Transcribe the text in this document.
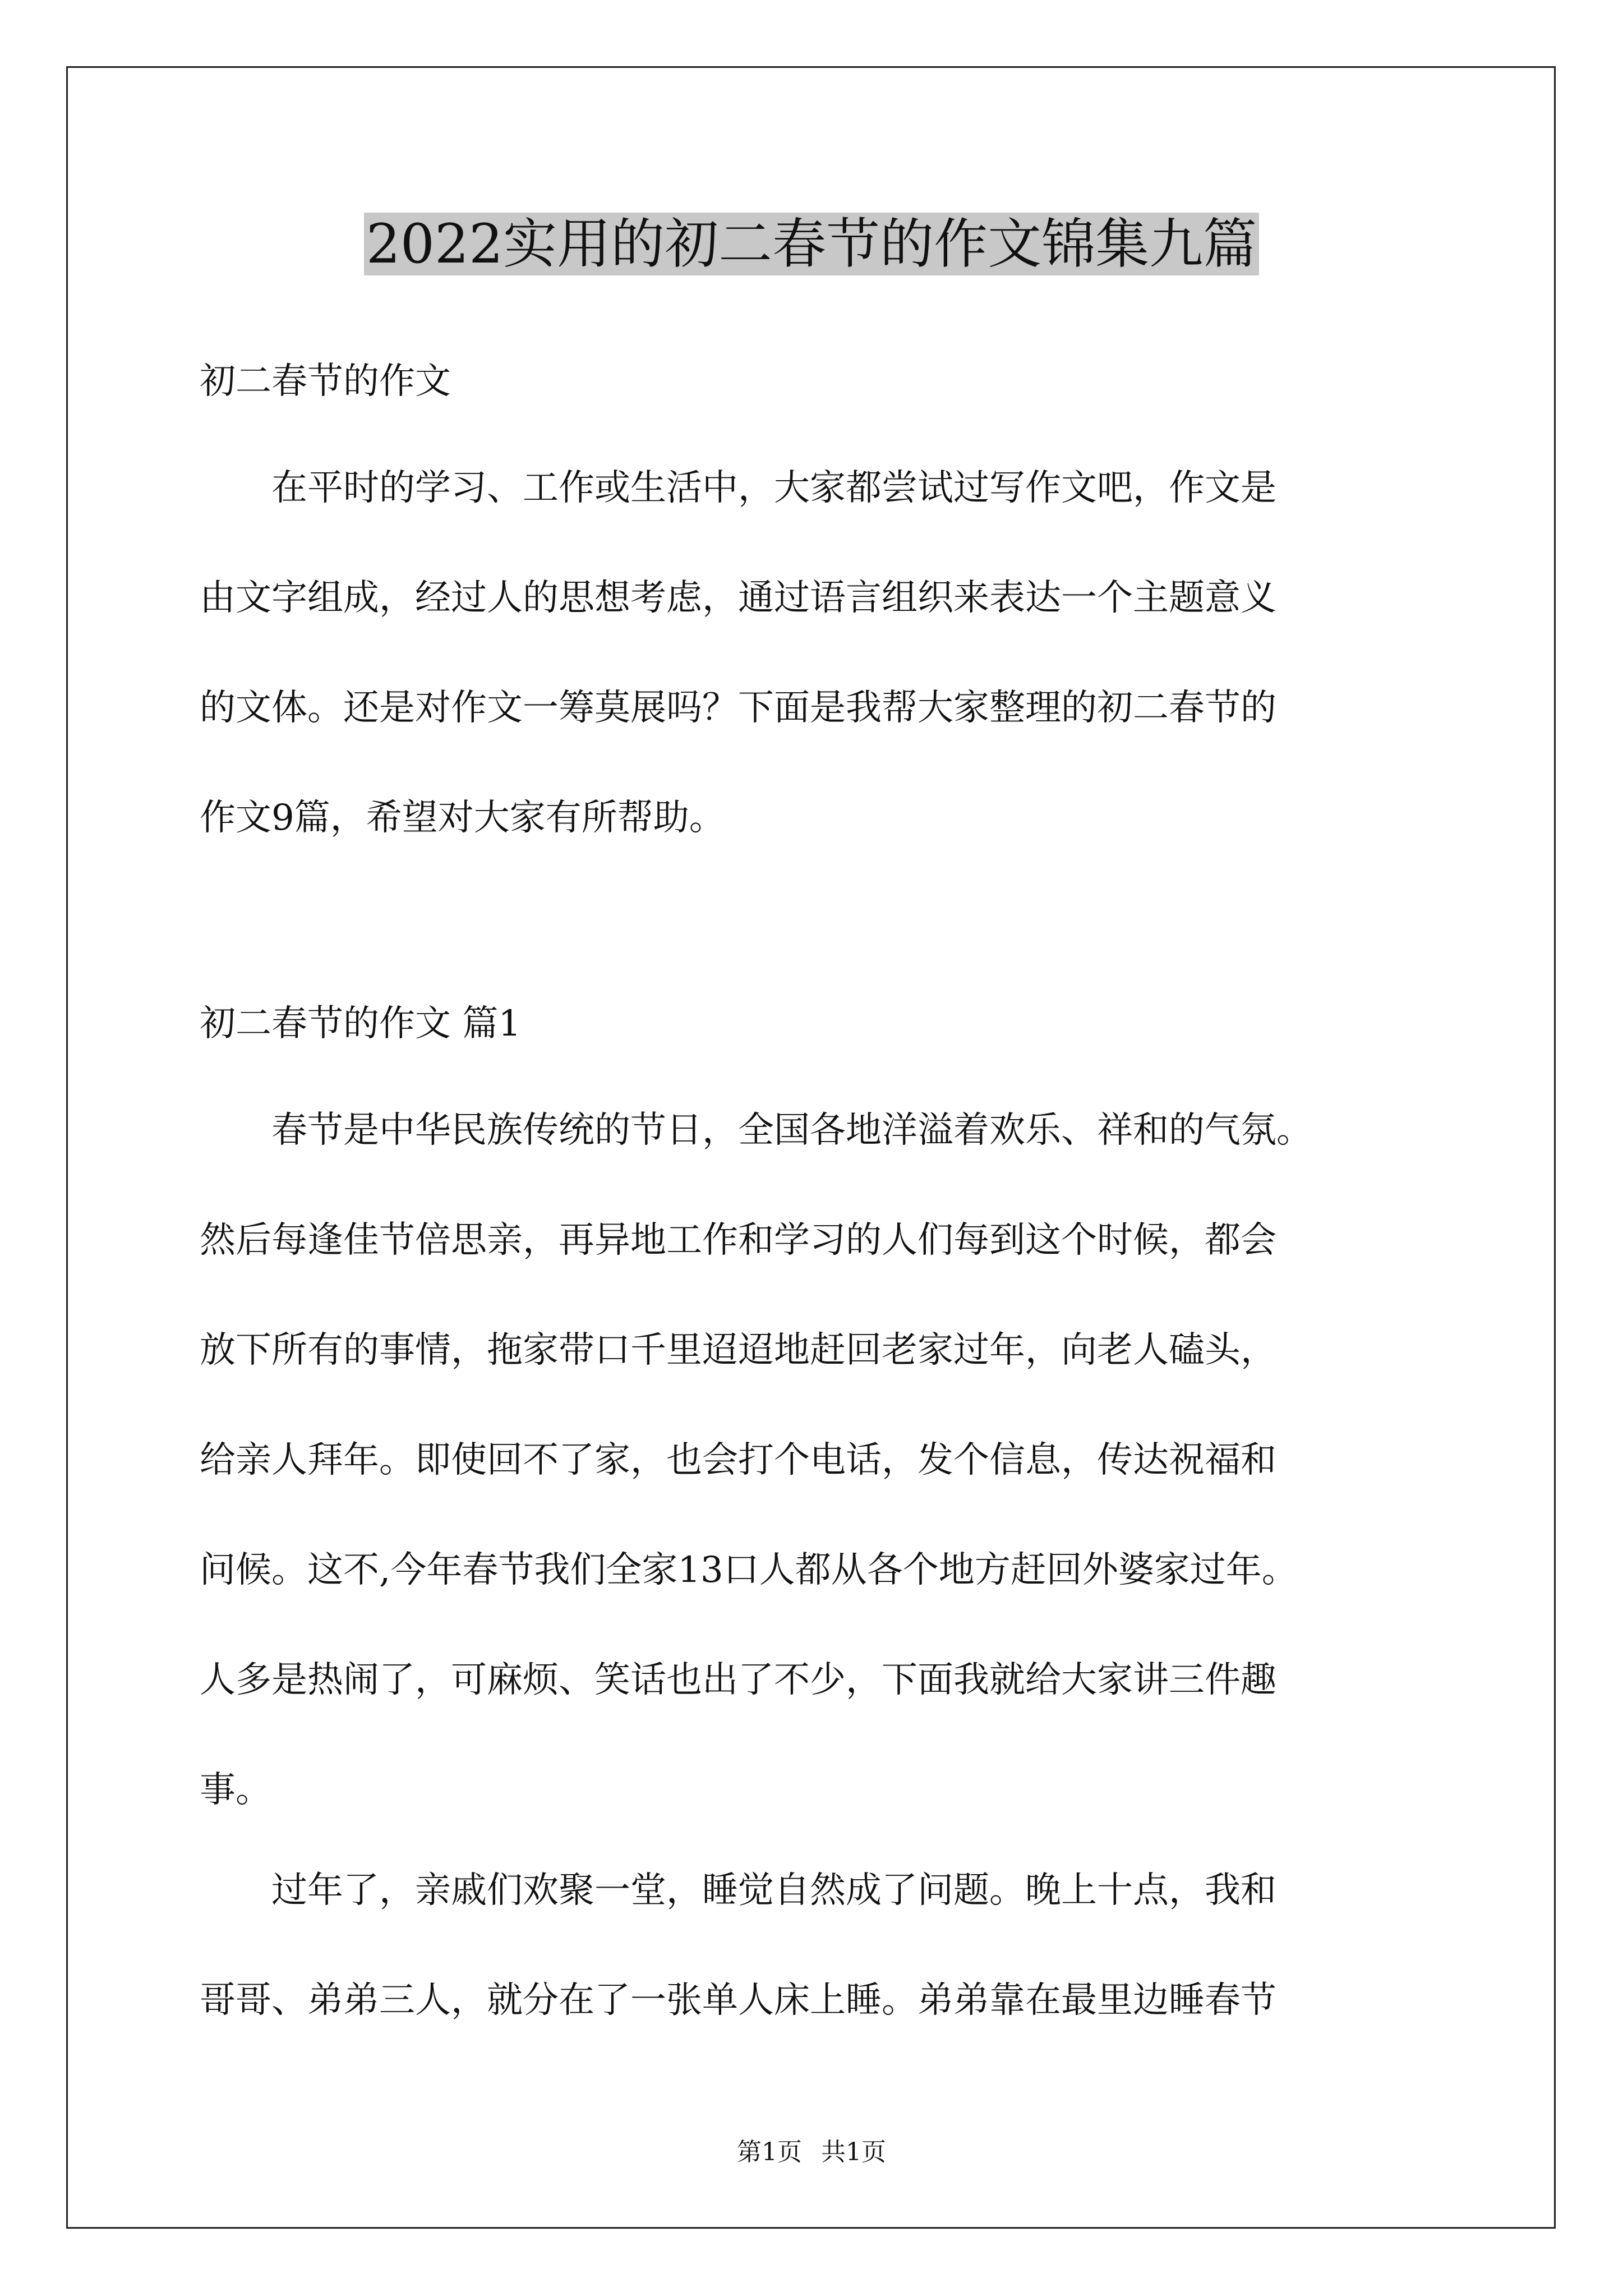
2022实用的初二春节的作文锦集九篇
初二春节的作文
　　在平时的学习、工作或生活中，大家都尝试过写作文吧，作文是
由文字组成，经过人的思想考虑，通过语言组织来表达一个主题意义
的文体。还是对作文一筹莫展吗？下面是我帮大家整理的初二春节的
作文9篇，希望对大家有所帮助。
初二春节的作文 篇1
　　春节是中华民族传统的节日，全国各地洋溢着欢乐、祥和的气氛。
然后每逢佳节倍思亲，再异地工作和学习的人们每到这个时候，都会
放下所有的事情，拖家带口千里迢迢地赶回老家过年，向老人磕头，
给亲人拜年。即使回不了家，也会打个电话，发个信息，传达祝福和
问候。这不,今年春节我们全家13口人都从各个地方赶回外婆家过年。
人多是热闹了，可麻烦、笑话也出了不少，下面我就给大家讲三件趣
事。
　　过年了，亲戚们欢聚一堂，睡觉自然成了问题。晚上十点，我和
哥哥、弟弟三人，就分在了一张单人床上睡。弟弟靠在最里边睡春节
第1页 共1页
